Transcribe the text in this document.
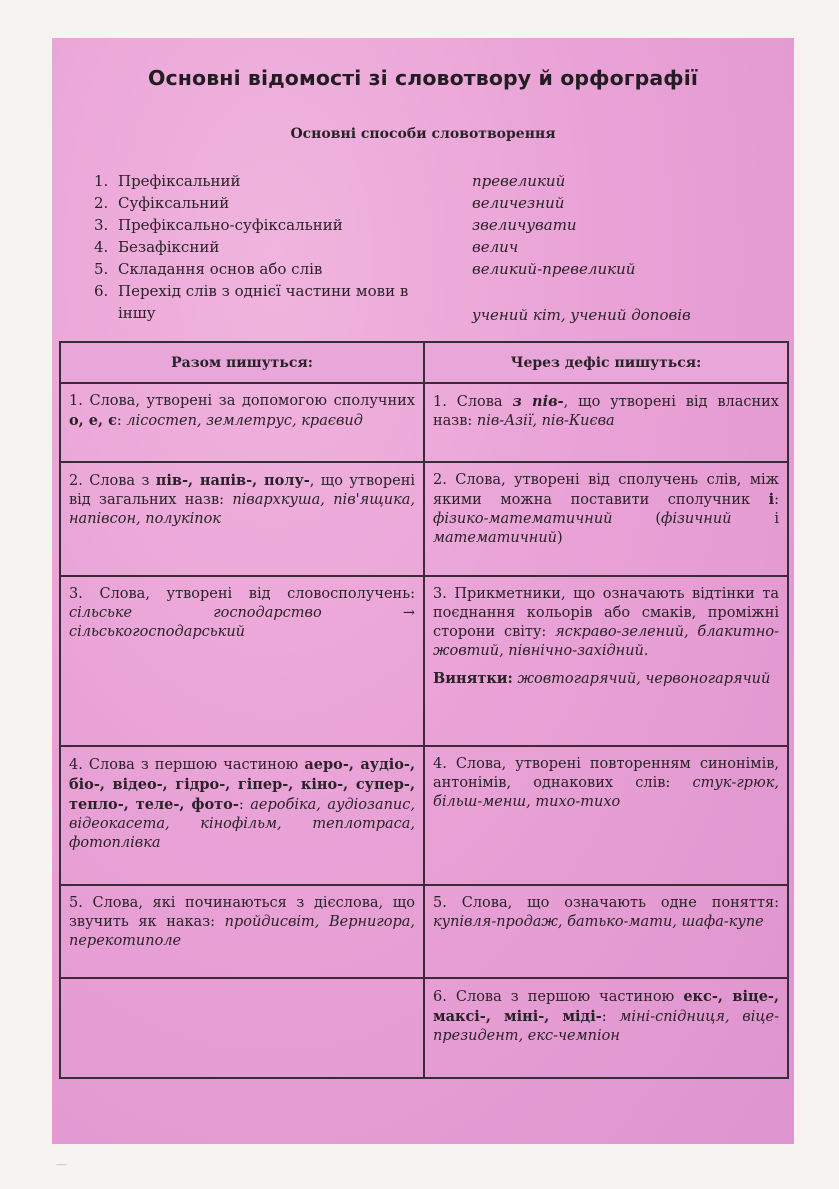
Основні відомості зі словотвору й орфографії
Основні способи словотворення
1. Префіксальний	превеликий
2. Суфіксальний	величезний
3. Префіксально-суфіксальний	звеличувати
4. Безафіксний	велич
5. Складання основ або слів	великий-превеликий
6. Перехід слів з однієї частини мови в іншу	учений кіт, учений доповів
Разом пишуться:	Через дефіс пишуться:
1. Слова, утворені за допомогою сполучних о, е, є: лісостеп, землетрус, краєвид	1. Слова з пів-, що утворені від власних назв: пів-Азії, пів-Києва
2. Слова з пів-, напів-, полу-, що утворені від загальних назв: півархкуша, пів'ящика, напівсон, полукіпок	2. Слова, утворені від сполучень слів, між якими можна поставити сполучник і: фізико-математичний (фізичний і математичний)
3. Слова, утворені від словосполучень: сільське господарство → сільськогосподарський	3. Прикметники, що означають відтінки та поєднання кольорів або смаків, проміжні сторони світу: яскраво-зелений, блакитно-жовтий, північно-західний.
Винятки: жовтогарячий, червоногарячий

4. Слова з першою частиною аеро-, аудіо-, біо-, відео-, гідро-, гіпер-, кіно-, супер-, тепло-, теле-, фото-: аеробіка, аудіозапис, відеокасета, кінофільм, теплотраса, фотоплівка	4. Слова, утворені повторенням синонімів, антонімів, однакових слів: стук-грюк, більш-менш, тихо-тихо
5. Слова, які починаються з дієслова, що звучить як наказ: пройдисвіт, Вернигора, перекотиполе	5. Слова, що означають одне поняття: купівля-продаж, батько-мати, шафа-купе
	6. Слова з першою частиною екс-, віце-, максі-, міні-, міді-: міні-спідниця, віце-президент, екс-чемпіон
—
